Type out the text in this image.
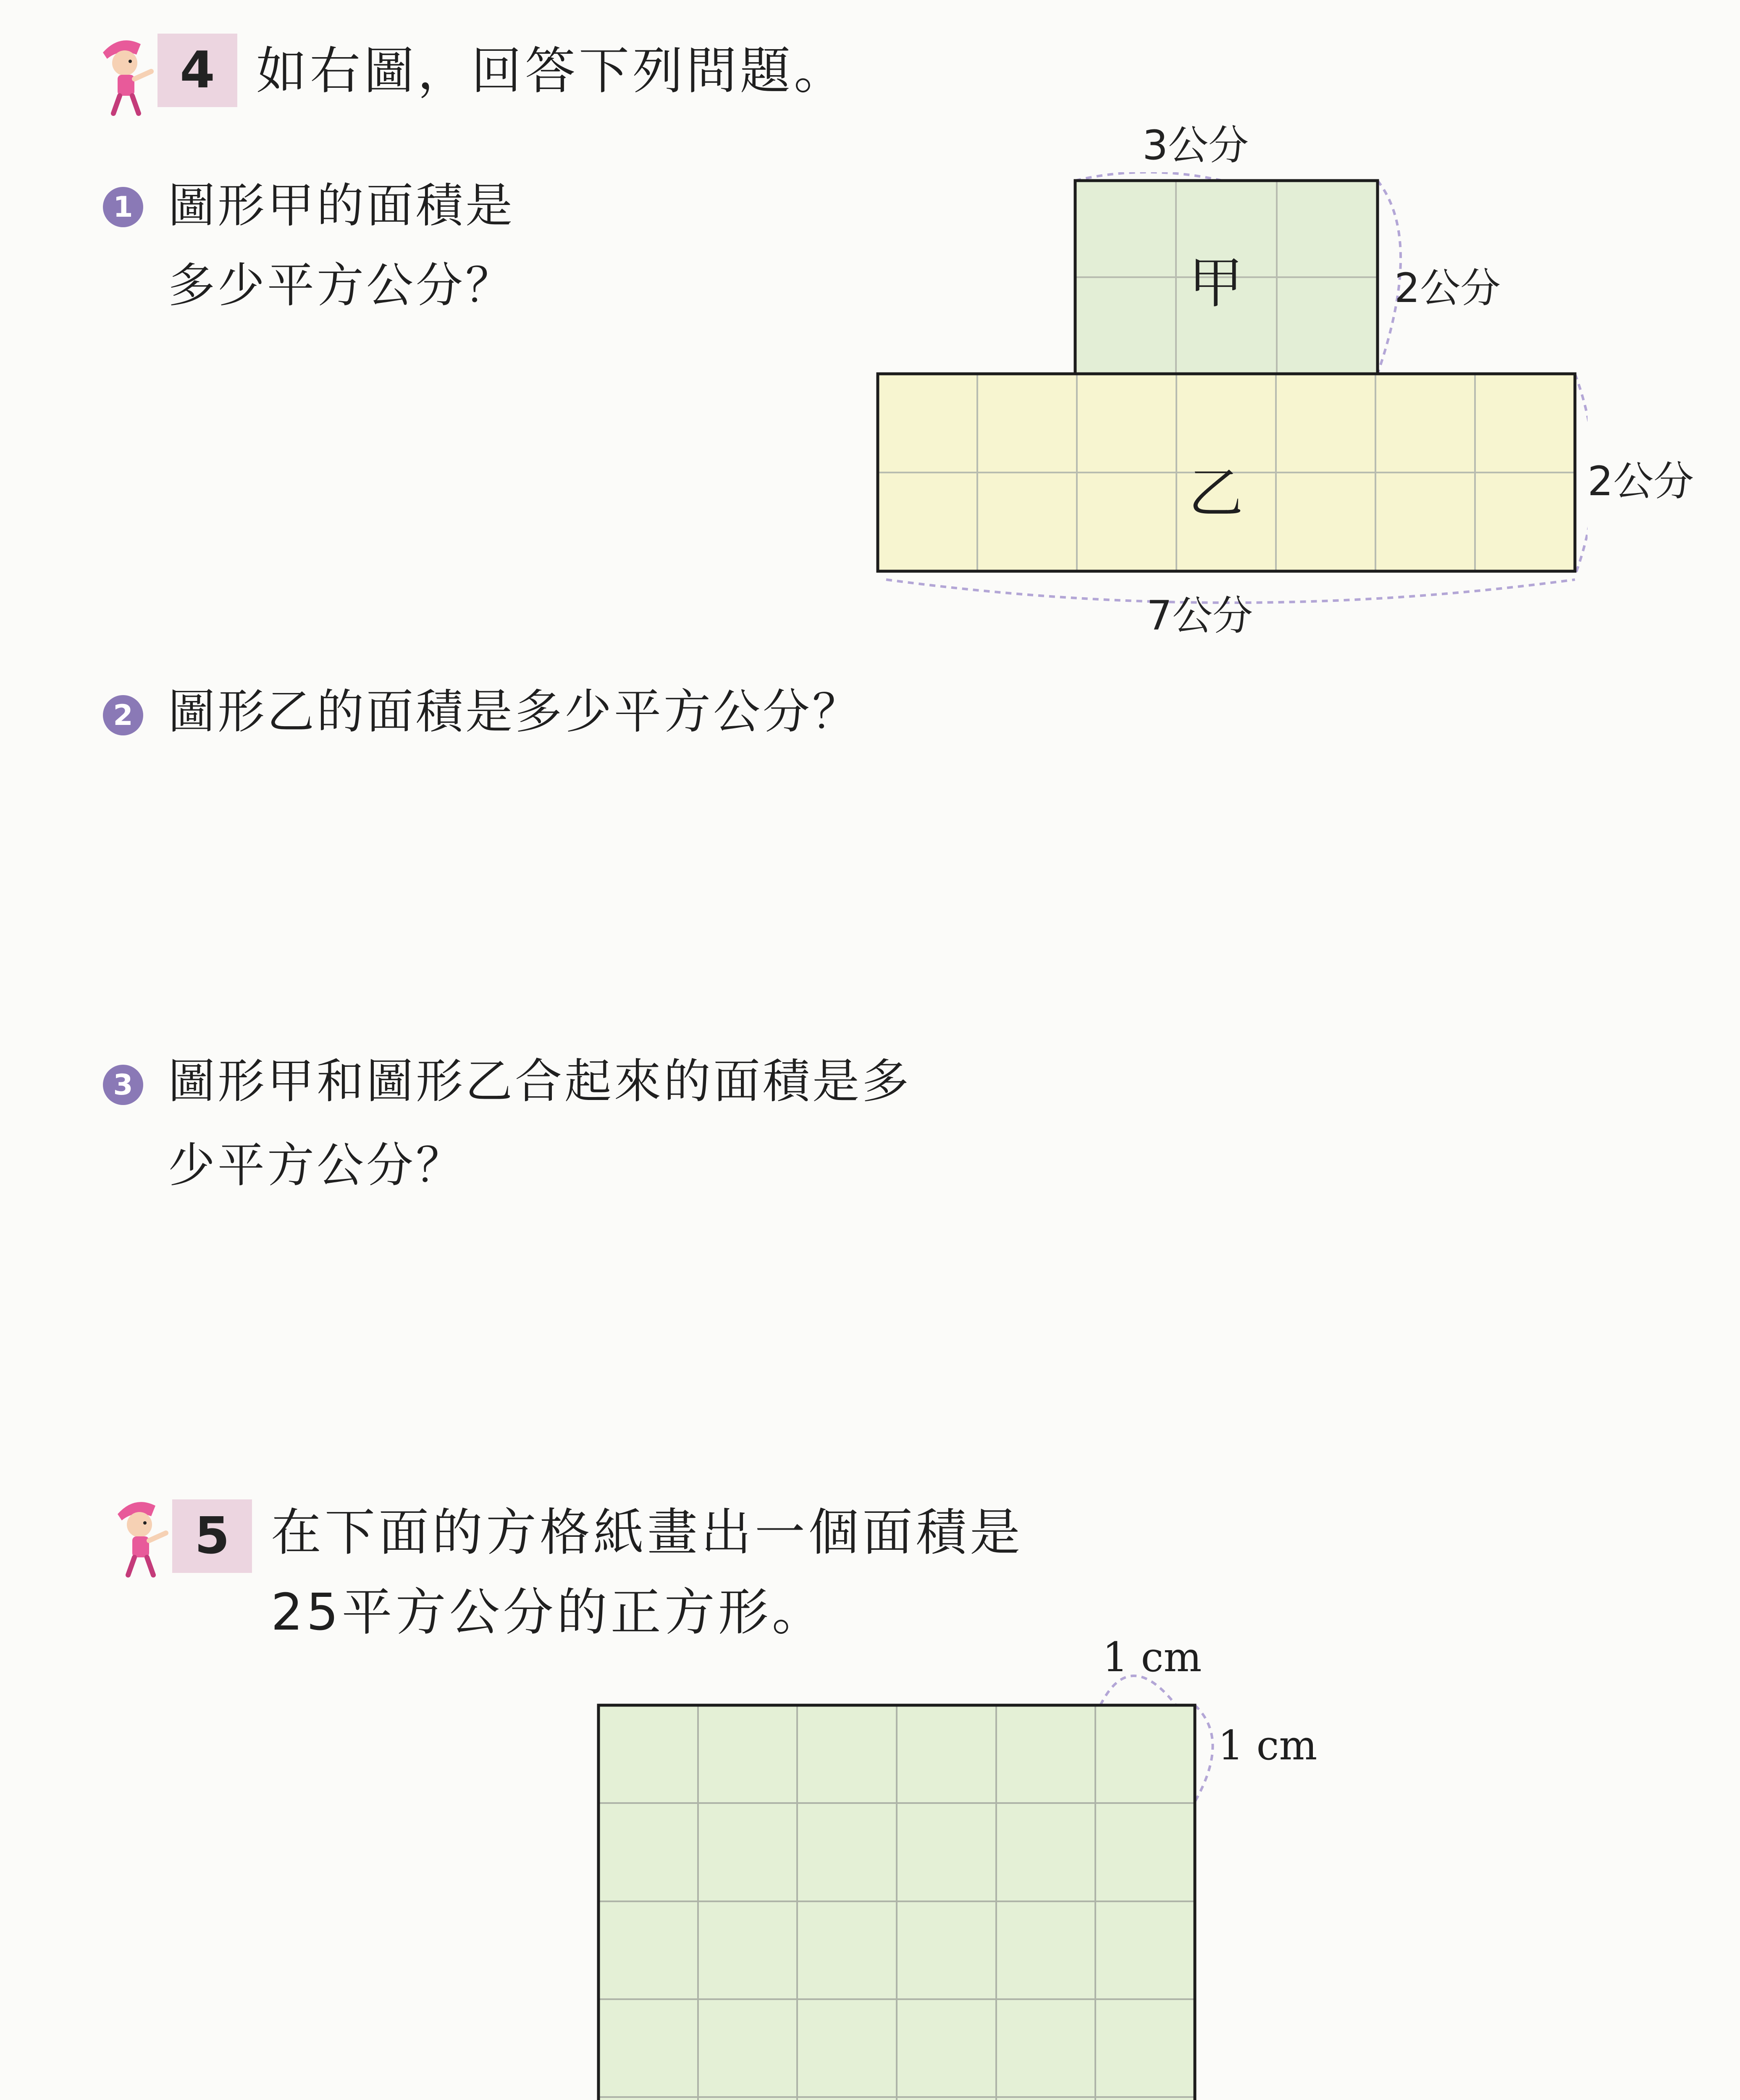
4 如右圖，回答下列問題。
1 圖形甲的面積是
多少平方公分？	甲
乙
3公分
2公分
2公分
7公分
2 圖形乙的面積是多少平方公分？
3 圖形甲和圖形乙合起來的面積是多
少平方公分？
5 在下面的方格紙畫出一個面積是
25平方公分的正方形。
1 cm
1 cm
